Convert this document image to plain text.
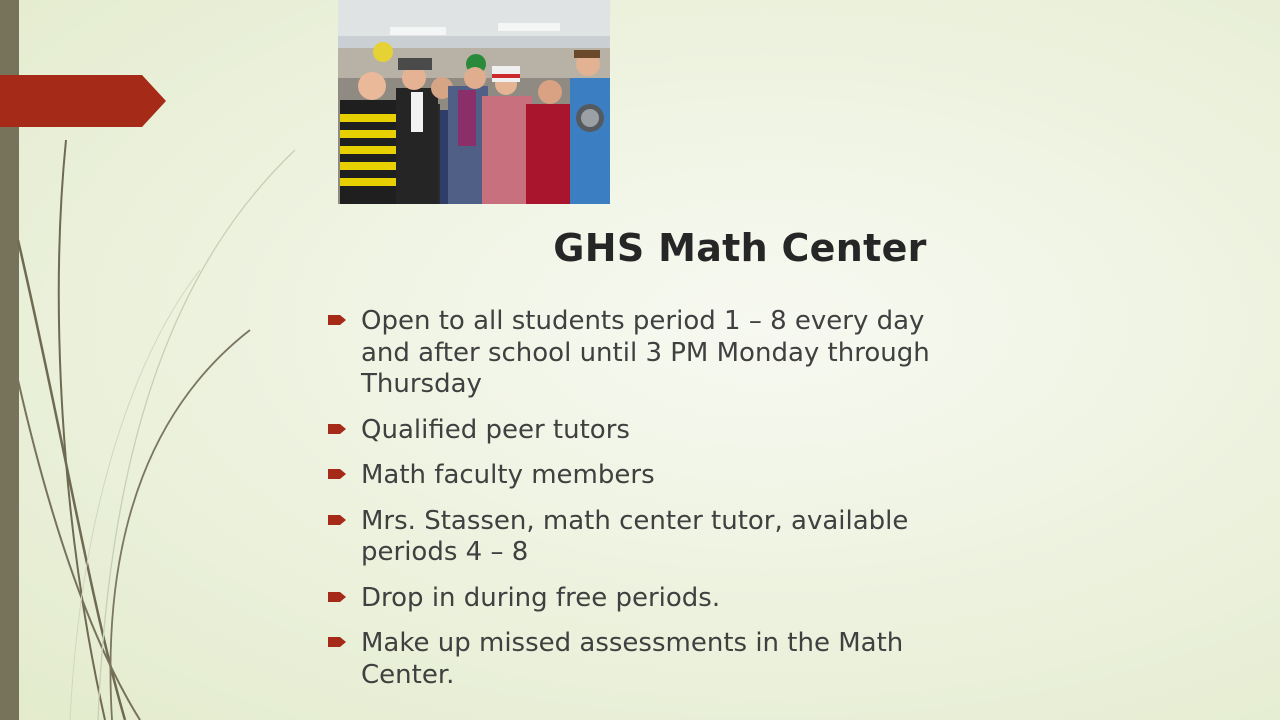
GHS Math Center
Open to all students period 1 – 8 every day
and after school until 3 PM Monday through
Thursday
Qualified peer tutors
Math faculty members
Mrs. Stassen, math center tutor, available
periods 4 – 8
Drop in during free periods.
Make up missed assessments in the Math
Center.
